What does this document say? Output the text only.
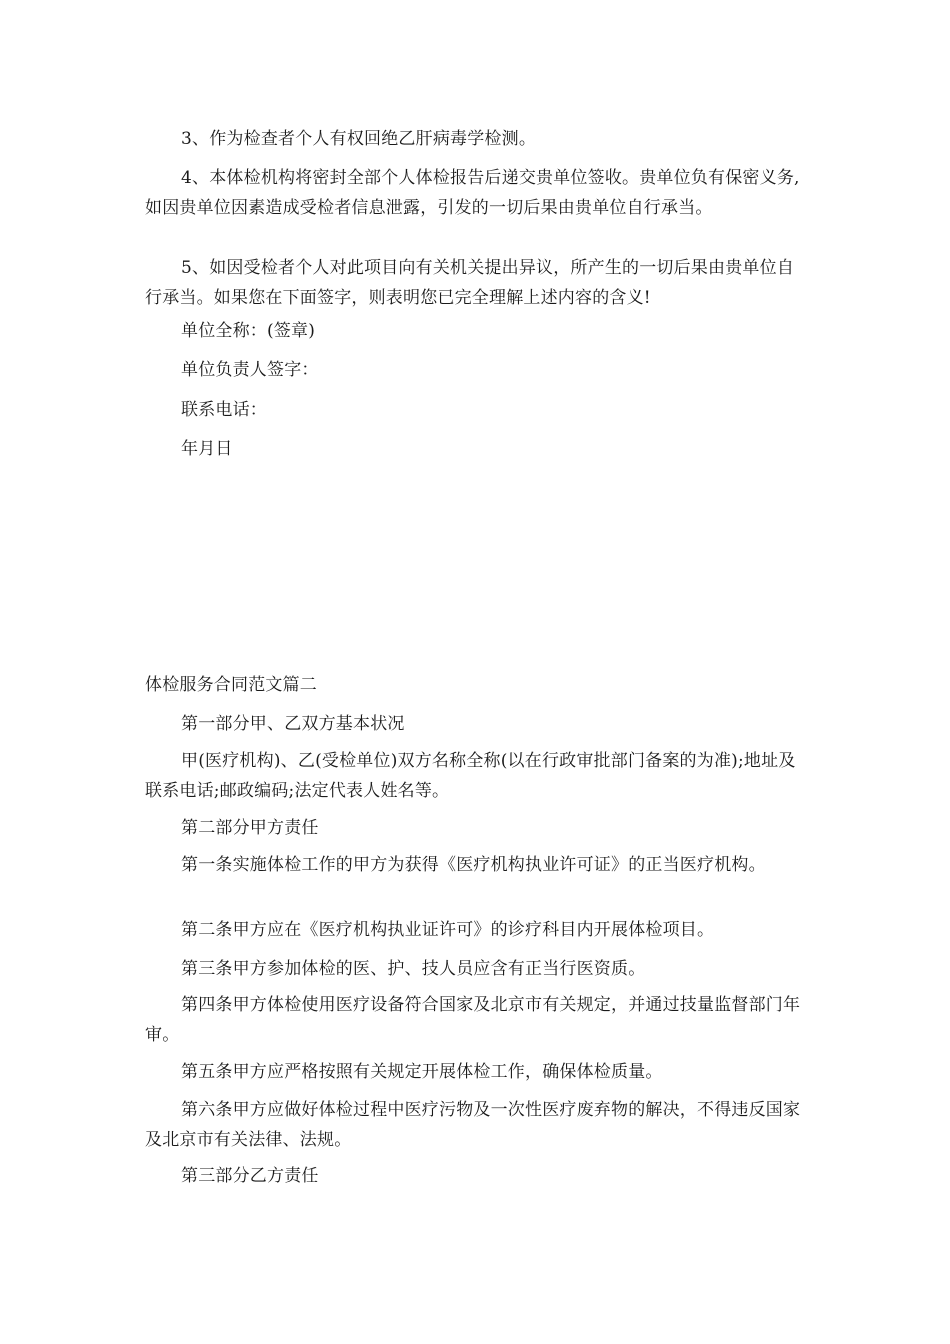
3、作为检查者个人有权回绝乙肝病毒学检测。

4、本体检机构将密封全部个人体检报告后递交贵单位签收。贵单位负有保密义务,如因贵单位因素造成受检者信息泄露，引发的一切后果由贵单位自行承当。

5、如因受检者个人对此项目向有关机关提出异议，所产生的一切后果由贵单位自行承当。如果您在下面签字，则表明您已完全理解上述内容的含义!

单位全称：(签章)

单位负责人签字：

联系电话：

年月日

体检服务合同范文篇二

第一部分甲、乙双方基本状况

甲(医疗机构)、乙(受检单位)双方名称全称(以在行政审批部门备案的为准);地址及联系电话;邮政编码;法定代表人姓名等。

第二部分甲方责任

第一条实施体检工作的甲方为获得《医疗机构执业许可证》的正当医疗机构。

第二条甲方应在《医疗机构执业证许可》的诊疗科目内开展体检项目。

第三条甲方参加体检的医、护、技人员应含有正当行医资质。

第四条甲方体检使用医疗设备符合国家及北京市有关规定，并通过技量监督部门年审。

第五条甲方应严格按照有关规定开展体检工作，确保体检质量。

第六条甲方应做好体检过程中医疗污物及一次性医疗废弃物的解决，不得违反国家及北京市有关法律、法规。

第三部分乙方责任
